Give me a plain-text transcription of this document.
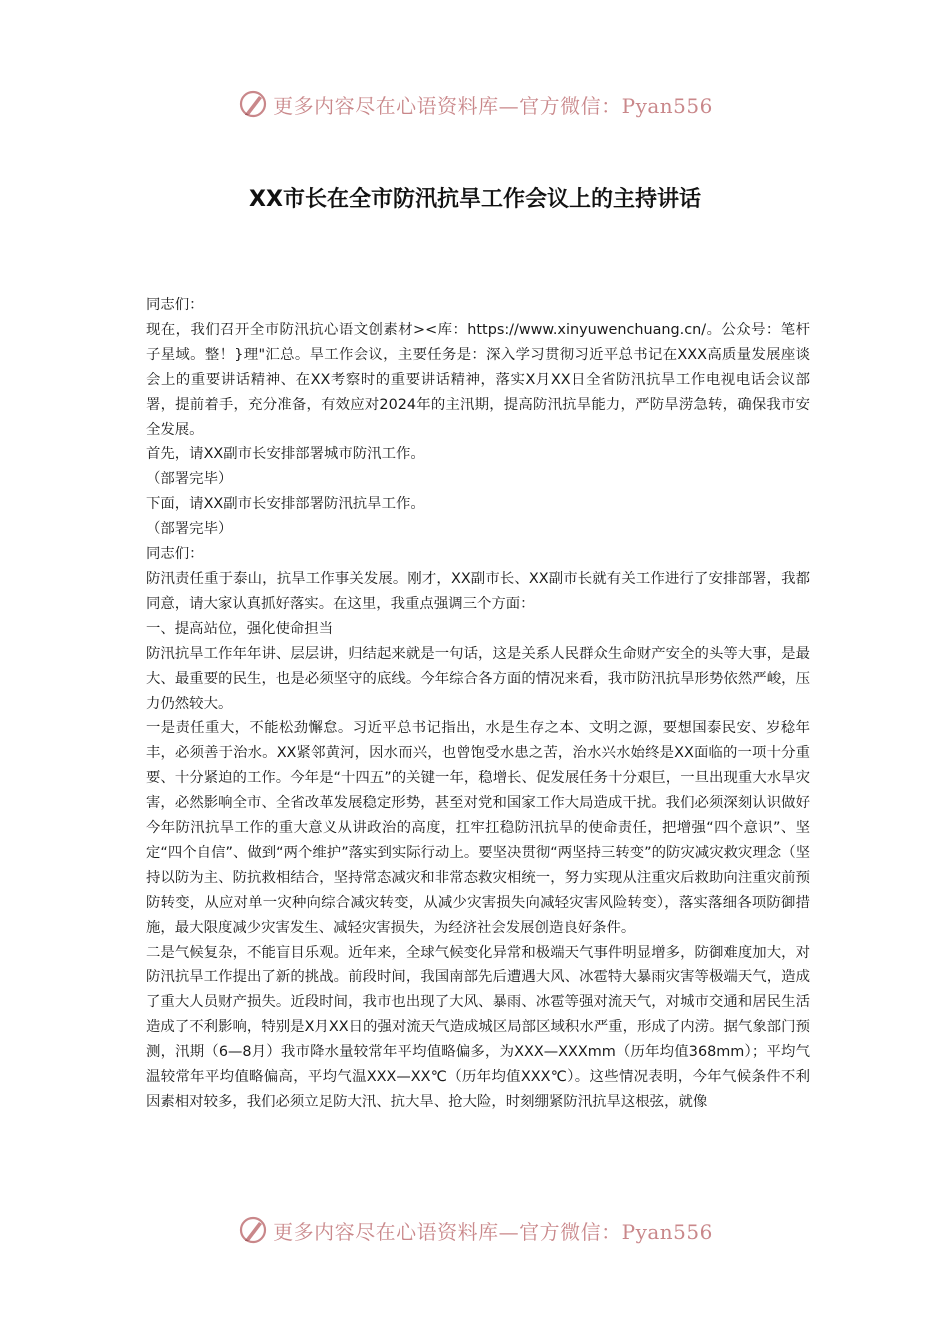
更多内容尽在心语资料库—官方微信：Pyan556
XX市长在全市防汛抗旱工作会议上的主持讲话

同志们：

现在，我们召开全市防汛抗心语文创素材><库：https://www.xinyuwenchuang.cn/。公众号：笔杆子星域。整！}理"汇总。旱工作会议，主要任务是：深入学习贯彻习近平总书记在XXX高质量发展座谈会上的重要讲话精神、在XX考察时的重要讲话精神，落实X月XX日全省防汛抗旱工作电视电话会议部署，提前着手，充分准备，有效应对2024年的主汛期，提高防汛抗旱能力，严防旱涝急转，确保我市安全发展。

首先，请XX副市长安排部署城市防汛工作。

（部署完毕）

下面，请XX副市长安排部署防汛抗旱工作。

（部署完毕）

同志们：

防汛责任重于泰山，抗旱工作事关发展。刚才，XX副市长、XX副市长就有关工作进行了安排部署，我都同意，请大家认真抓好落实。在这里，我重点强调三个方面：

一、提高站位，强化使命担当

防汛抗旱工作年年讲、层层讲，归结起来就是一句话，这是关系人民群众生命财产安全的头等大事，是最大、最重要的民生，也是必须坚守的底线。今年综合各方面的情况来看，我市防汛抗旱形势依然严峻，压力仍然较大。

一是责任重大，不能松劲懈怠。习近平总书记指出，水是生存之本、文明之源，要想国泰民安、岁稔年丰，必须善于治水。XX紧邻黄河，因水而兴，也曾饱受水患之苦，治水兴水始终是XX面临的一项十分重要、十分紧迫的工作。今年是“十四五”的关键一年，稳增长、促发展任务十分艰巨，一旦出现重大水旱灾害，必然影响全市、全省改革发展稳定形势，甚至对党和国家工作大局造成干扰。我们必须深刻认识做好今年防汛抗旱工作的重大意义从讲政治的高度，扛牢扛稳防汛抗旱的使命责任，把增强“四个意识”、坚定“四个自信”、做到“两个维护”落实到实际行动上。要坚决贯彻“两坚持三转变”的防灾减灾救灾理念（坚持以防为主、防抗救相结合，坚持常态减灾和非常态救灾相统一，努力实现从注重灾后救助向注重灾前预防转变，从应对单一灾种向综合减灾转变，从减少灾害损失向减轻灾害风险转变），落实落细各项防御措施，最大限度减少灾害发生、减轻灾害损失，为经济社会发展创造良好条件。

二是气候复杂，不能盲目乐观。近年来，全球气候变化异常和极端天气事件明显增多，防御难度加大，对防汛抗旱工作提出了新的挑战。前段时间，我国南部先后遭遇大风、冰雹特大暴雨灾害等极端天气，造成了重大人员财产损失。近段时间，我市也出现了大风、暴雨、冰雹等强对流天气，对城市交通和居民生活造成了不利影响，特别是X月XX日的强对流天气造成城区局部区域积水严重，形成了内涝。据气象部门预测，汛期（6—8月）我市降水量较常年平均值略偏多，为XXX—XXXmm（历年均值368mm）；平均气温较常年平均值略偏高，平均气温XXX—XX℃（历年均值XXX℃）。这些情况表明，今年气候条件不利因素相对较多，我们必须立足防大汛、抗大旱、抢大险，时刻绷紧防汛抗旱这根弦，就像

更多内容尽在心语资料库—官方微信：Pyan556
